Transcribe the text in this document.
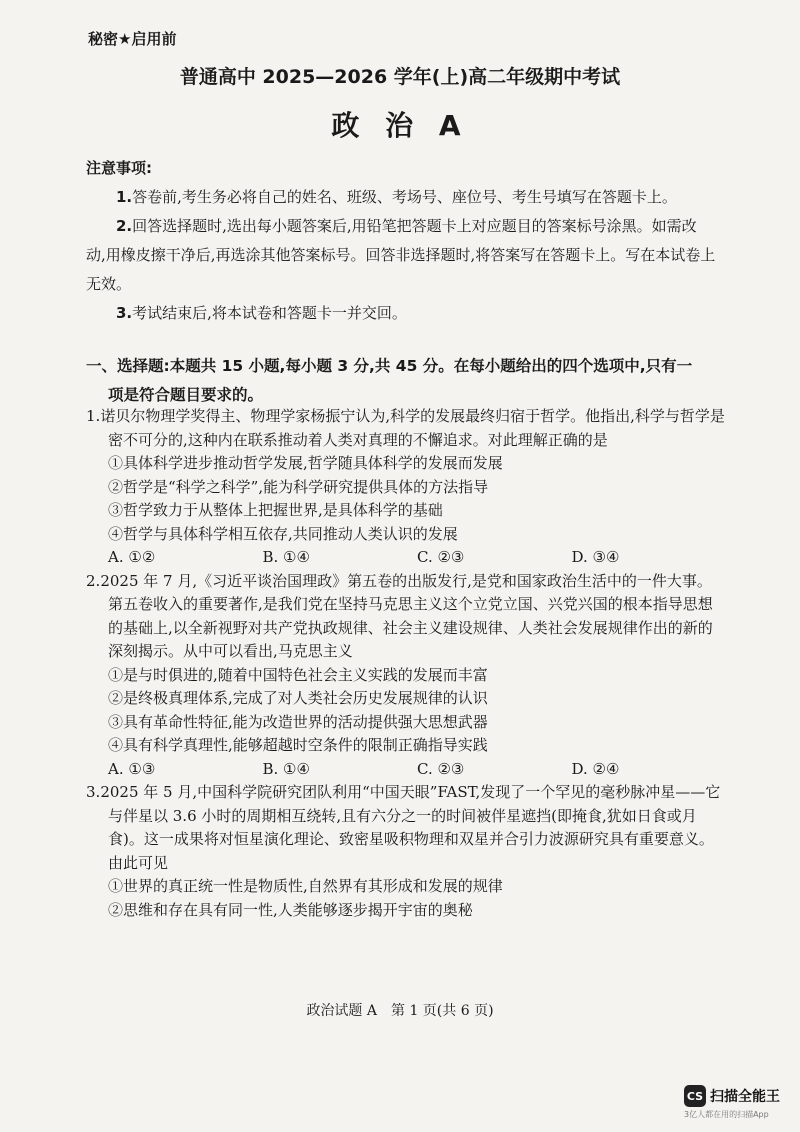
秘密★启用前
普通高中 2025—2026 学年(上)高二年级期中考试
政 治 A
注意事项:

1.答卷前,考生务必将自己的姓名、班级、考场号、座位号、考生号填写在答题卡上。

2.回答选择题时,选出每小题答案后,用铅笔把答题卡上对应题目的答案标号涂黑。如需改动,用橡皮擦干净后,再选涂其他答案标号。回答非选择题时,将答案写在答题卡上。写在本试卷上无效。

3.考试结束后,将本试卷和答题卡一并交回。

一、选择题:本题共 15 小题,每小题 3 分,共 45 分。在每小题给出的四个选项中,只有一
项是符合题目要求的。

1.诺贝尔物理学奖得主、物理学家杨振宁认为,科学的发展最终归宿于哲学。他指出,科学与哲学是密不可分的,这种内在联系推动着人类对真理的不懈追求。对此理解正确的是

①具体科学进步推动哲学发展,哲学随具体科学的发展而发展

②哲学是“科学之科学”,能为科学研究提供具体的方法指导

③哲学致力于从整体上把握世界,是具体科学的基础

④哲学与具体科学相互依存,共同推动人类认识的发展

A. ①②	B. ①④	C. ②③	D. ③④

2.2025 年 7 月,《习近平谈治国理政》第五卷的出版发行,是党和国家政治生活中的一件大事。第五卷收入的重要著作,是我们党在坚持马克思主义这个立党立国、兴党兴国的根本指导思想的基础上,以全新视野对共产党执政规律、社会主义建设规律、人类社会发展规律作出的新的深刻揭示。从中可以看出,马克思主义

①是与时俱进的,随着中国特色社会主义实践的发展而丰富

②是终极真理体系,完成了对人类社会历史发展规律的认识

③具有革命性特征,能为改造世界的活动提供强大思想武器

④具有科学真理性,能够超越时空条件的限制正确指导实践

A. ①③	B. ①④	C. ②③	D. ②④

3.2025 年 5 月,中国科学院研究团队利用“中国天眼”FAST,发现了一个罕见的毫秒脉冲星——它与伴星以 3.6 小时的周期相互绕转,且有六分之一的时间被伴星遮挡(即掩食,犹如日食或月食)。这一成果将对恒星演化理论、致密星吸积物理和双星并合引力波源研究具有重要意义。由此可见

①世界的真正统一性是物质性,自然界有其形成和发展的规律

②思维和存在具有同一性,人类能够逐步揭开宇宙的奥秘

政治试题 A　第 1 页(共 6 页)
CS 扫描全能王
3亿人都在用的扫描App
